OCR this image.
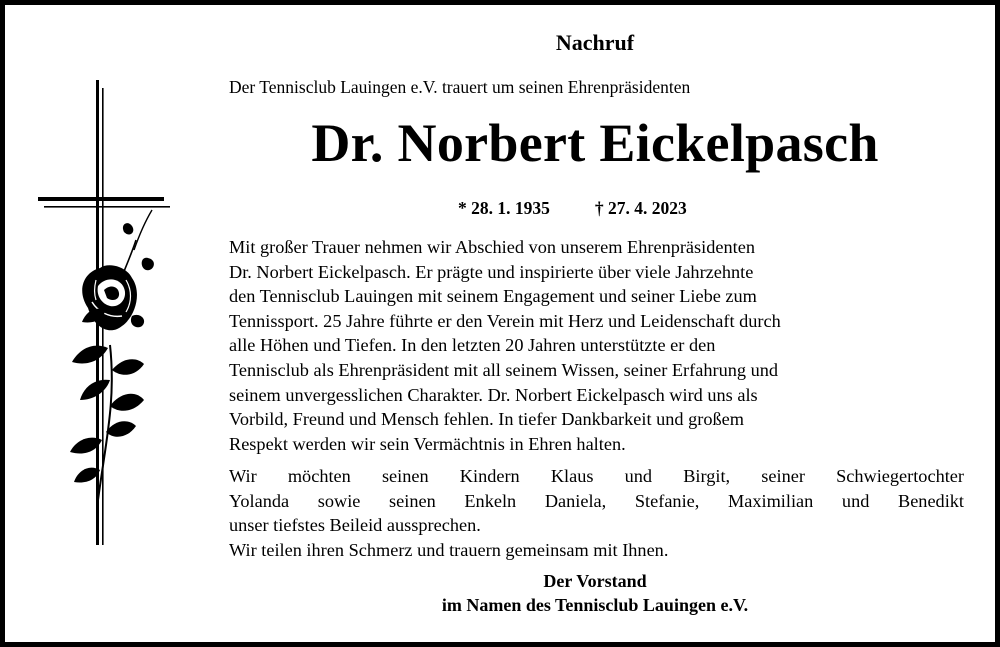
Nachruf
Der Tennisclub Lauingen e.V. trauert um seinen Ehrenpräsidenten
Dr. Norbert Eickelpasch
* 28. 1. 1935	† 27. 4. 2023
Mit großer Trauer nehmen wir Abschied von unserem Ehrenpräsidenten
Dr. Norbert Eickelpasch. Er prägte und inspirierte über viele Jahrzehnte
den Tennisclub Lauingen mit seinem Engagement und seiner Liebe zum
Tennissport. 25 Jahre führte er den Verein mit Herz und Leidenschaft durch
alle Höhen und Tiefen. In den letzten 20 Jahren unterstützte er den
Tennisclub als Ehrenpräsident mit all seinem Wissen, seiner Erfahrung und
seinem unvergesslichen Charakter. Dr. Norbert Eickelpasch wird uns als
Vorbild, Freund und Mensch fehlen. In tiefer Dankbarkeit und großem
Respekt werden wir sein Vermächtnis in Ehren halten.
Wir möchten seinen Kindern Klaus und Birgit, seiner Schwiegertochter
Yolanda sowie seinen Enkeln Daniela, Stefanie, Maximilian und Benedikt
unser tiefstes Beileid aussprechen.
Wir teilen ihren Schmerz und trauern gemeinsam mit Ihnen.
Der Vorstand
im Namen des Tennisclub Lauingen e.V.
